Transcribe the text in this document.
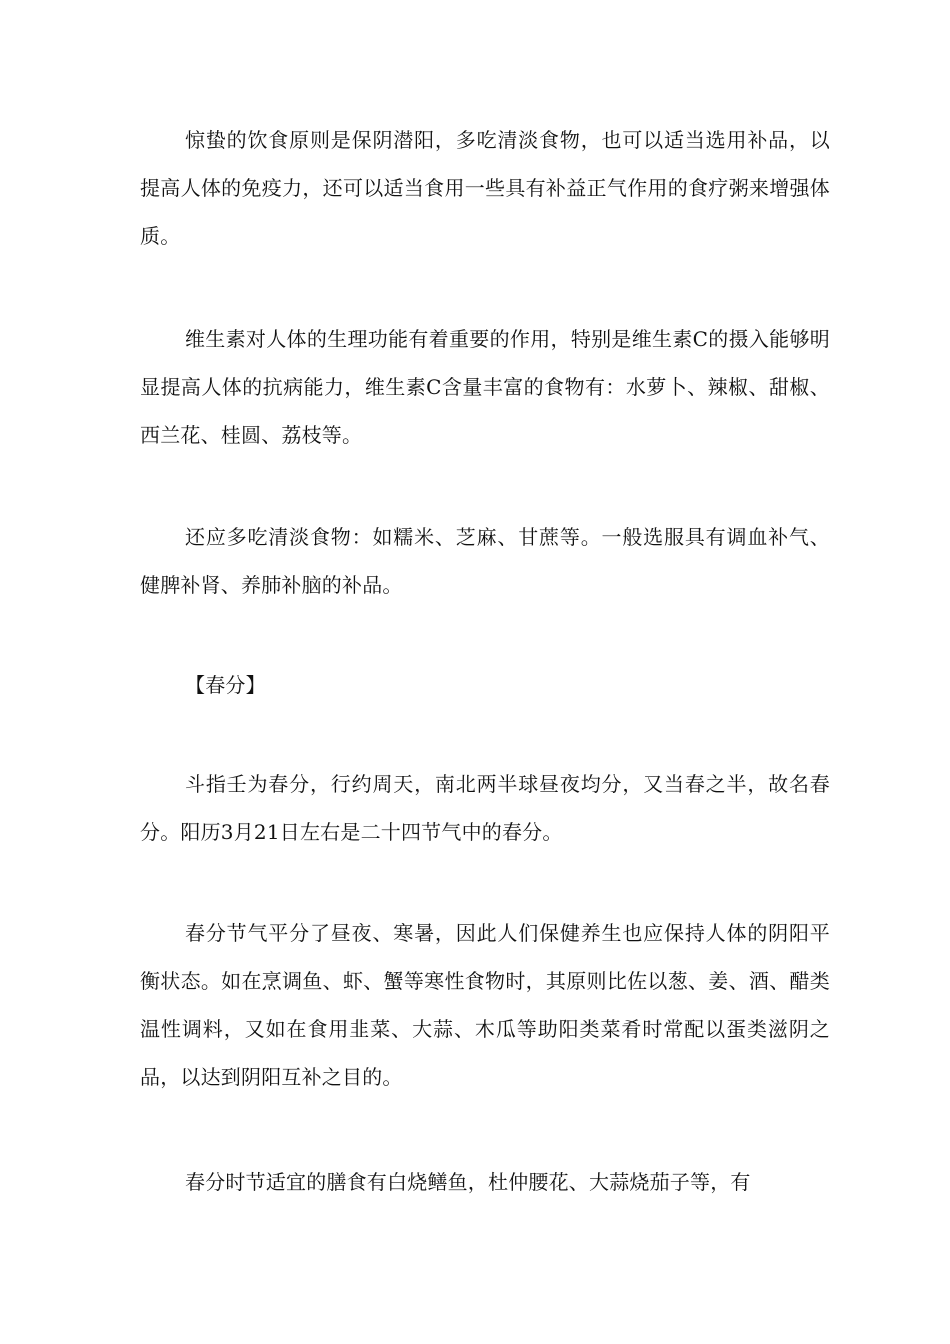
惊蛰的饮食原则是保阴潜阳，多吃清淡食物，也可以适当选用补品，以提高人体的免疫力，还可以适当食用一些具有补益正气作用的食疗粥来增强体质。

维生素对人体的生理功能有着重要的作用，特别是维生素C的摄入能够明显提高人体的抗病能力，维生素C含量丰富的食物有：水萝卜、辣椒、甜椒、西兰花、桂圆、荔枝等。

还应多吃清淡食物：如糯米、芝麻、甘蔗等。一般选服具有调血补气、健脾补肾、养肺补脑的补品。

【春分】

斗指壬为春分，行约周天，南北两半球昼夜均分，又当春之半，故名春分。阳历3月21日左右是二十四节气中的春分。

春分节气平分了昼夜、寒暑，因此人们保健养生也应保持人体的阴阳平衡状态。如在烹调鱼、虾、蟹等寒性食物时，其原则比佐以葱、姜、酒、醋类温性调料，又如在食用韭菜、大蒜、木瓜等助阳类菜肴时常配以蛋类滋阴之品，以达到阴阳互补之目的。

春分时节适宜的膳食有白烧鳝鱼，杜仲腰花、大蒜烧茄子等，有
